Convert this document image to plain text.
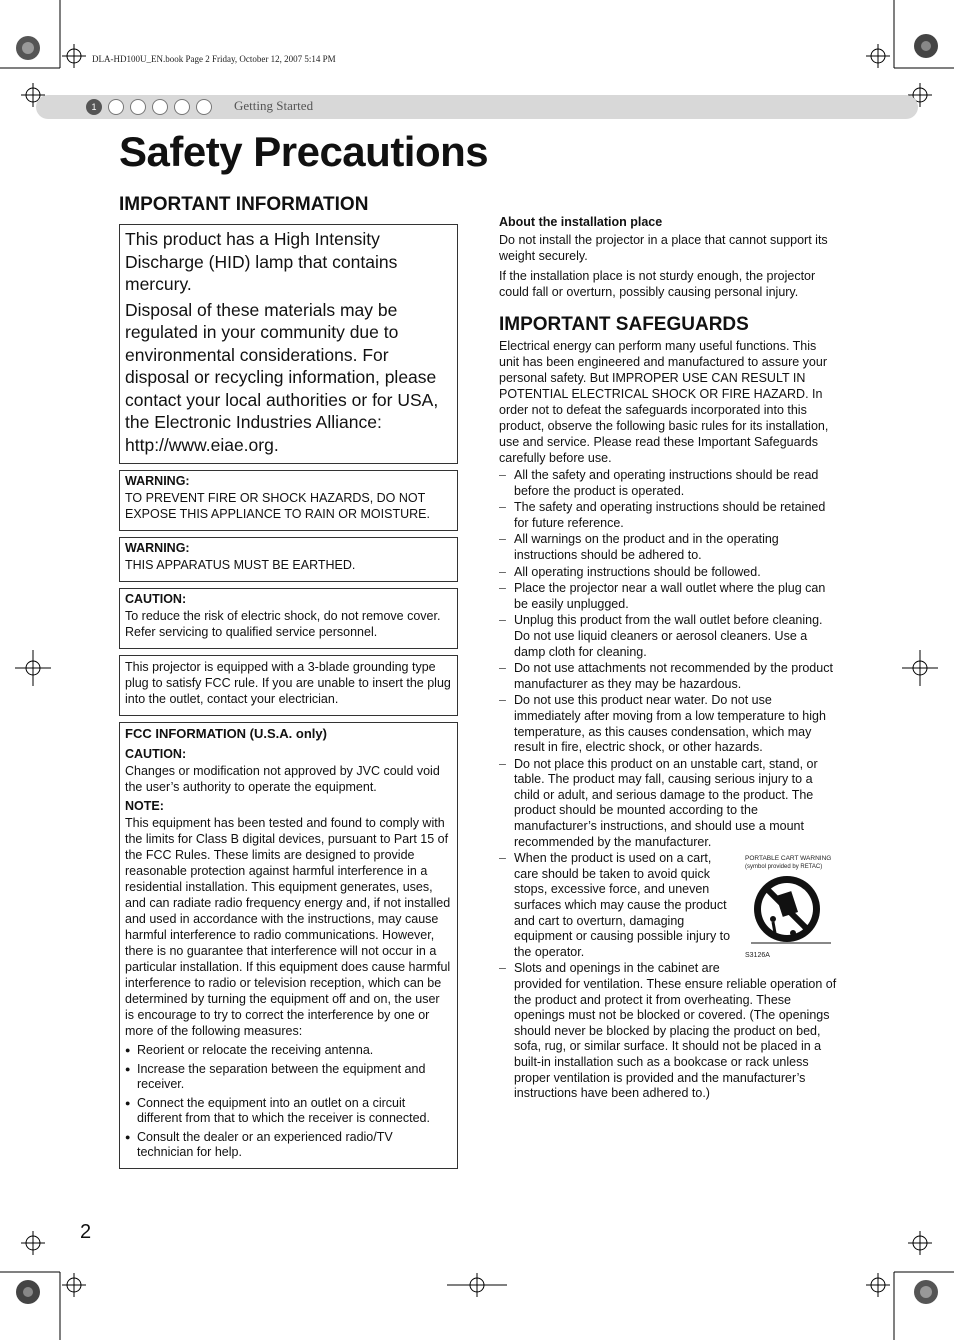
DLA-HD100U_EN.book Page 2 Friday, October 12, 2007 5:14 PM
1	Getting Started
Safety Precautions
IMPORTANT INFORMATION

This product has a High Intensity Discharge (HID) lamp that contains mercury.

Disposal of these materials may be regulated in your community due to environmental considerations. For disposal or recycling information, please contact your local authorities or for USA, the Electronic Industries Alliance: http://www.eiae.org.

WARNING:

TO PREVENT FIRE OR SHOCK HAZARDS, DO NOT EXPOSE THIS APPLIANCE TO RAIN OR MOISTURE.

WARNING:

THIS APPARATUS MUST BE EARTHED.

CAUTION:

To reduce the risk of electric shock, do not remove cover. Refer servicing to qualified service personnel.

This projector is equipped with a 3-blade grounding type plug to satisfy FCC rule. If you are unable to insert the plug into the outlet, contact your electrician.

FCC INFORMATION (U.S.A. only)

CAUTION:

Changes or modification not approved by JVC could void the user’s authority to operate the equipment.

NOTE:

This equipment has been tested and found to comply with the limits for Class B digital devices, pursuant to Part 15 of the FCC Rules. These limits are designed to provide reasonable protection against harmful interference in a residential installation. This equipment generates, uses, and can radiate radio frequency energy and, if not installed and used in accordance with the instructions, may cause harmful interference to radio communications. However, there is no guarantee that interference will not occur in a particular installation. If this equipment does cause harmful interference to radio or television reception, which can be determined by turning the equipment off and on, the user is encourage to try to correct the interference by one or more of the following measures:

● Reorient or relocate the receiving antenna.
● Increase the separation between the equipment and receiver.
● Connect the equipment into an outlet on a circuit different from that to which the receiver is connected.
● Consult the dealer or an experienced radio/TV technician for help.

About the installation place

Do not install the projector in a place that cannot support its weight securely.

If the installation place is not sturdy enough, the projector could fall or overturn, possibly causing personal injury.

IMPORTANT SAFEGUARDS

Electrical energy can perform many useful functions. This unit has been engineered and manufactured to assure your personal safety. But IMPROPER USE CAN RESULT IN POTENTIAL ELECTRICAL SHOCK OR FIRE HAZARD. In order not to defeat the safeguards incorporated into this product, observe the following basic rules for its installation, use and service. Please read these Important Safeguards carefully before use.

– All the safety and operating instructions should be read before the product is operated.
– The safety and operating instructions should be retained for future reference.
– All warnings on the product and in the operating instructions should be adhered to.
– All operating instructions should be followed.
– Place the projector near a wall outlet where the plug can be easily unplugged.
– Unplug this product from the wall outlet before cleaning. Do not use liquid cleaners or aerosol cleaners. Use a damp cloth for cleaning.
– Do not use attachments not recommended by the product manufacturer as they may be hazardous.
– Do not use this product near water. Do not use immediately after moving from a low temperature to high temperature, as this causes condensation, which may result in fire, electric shock, or other hazards.
– Do not place this product on an unstable cart, stand, or table. The product may fall, causing serious injury to a child or adult, and serious damage to the product. The product should be mounted according to the manufacturer’s instructions, and should use a mount recommended by the manufacturer.
PORTABLE CART WARNING
(symbol provided by RETAC)
S3126A
– When the product is used on a cart, care should be taken to avoid quick stops, excessive force, and uneven surfaces which may cause the product and cart to overturn, damaging equipment or causing possible injury to the operator.
– Slots and openings in the cabinet are provided for ventilation. These ensure reliable operation of the product and protect it from overheating. These openings must not be blocked or covered. (The openings should never be blocked by placing the product on bed, sofa, rug, or similar surface. It should not be placed in a built-in installation such as a bookcase or rack unless proper ventilation is provided and the manufacturer’s instructions have been adhered to.)
2
